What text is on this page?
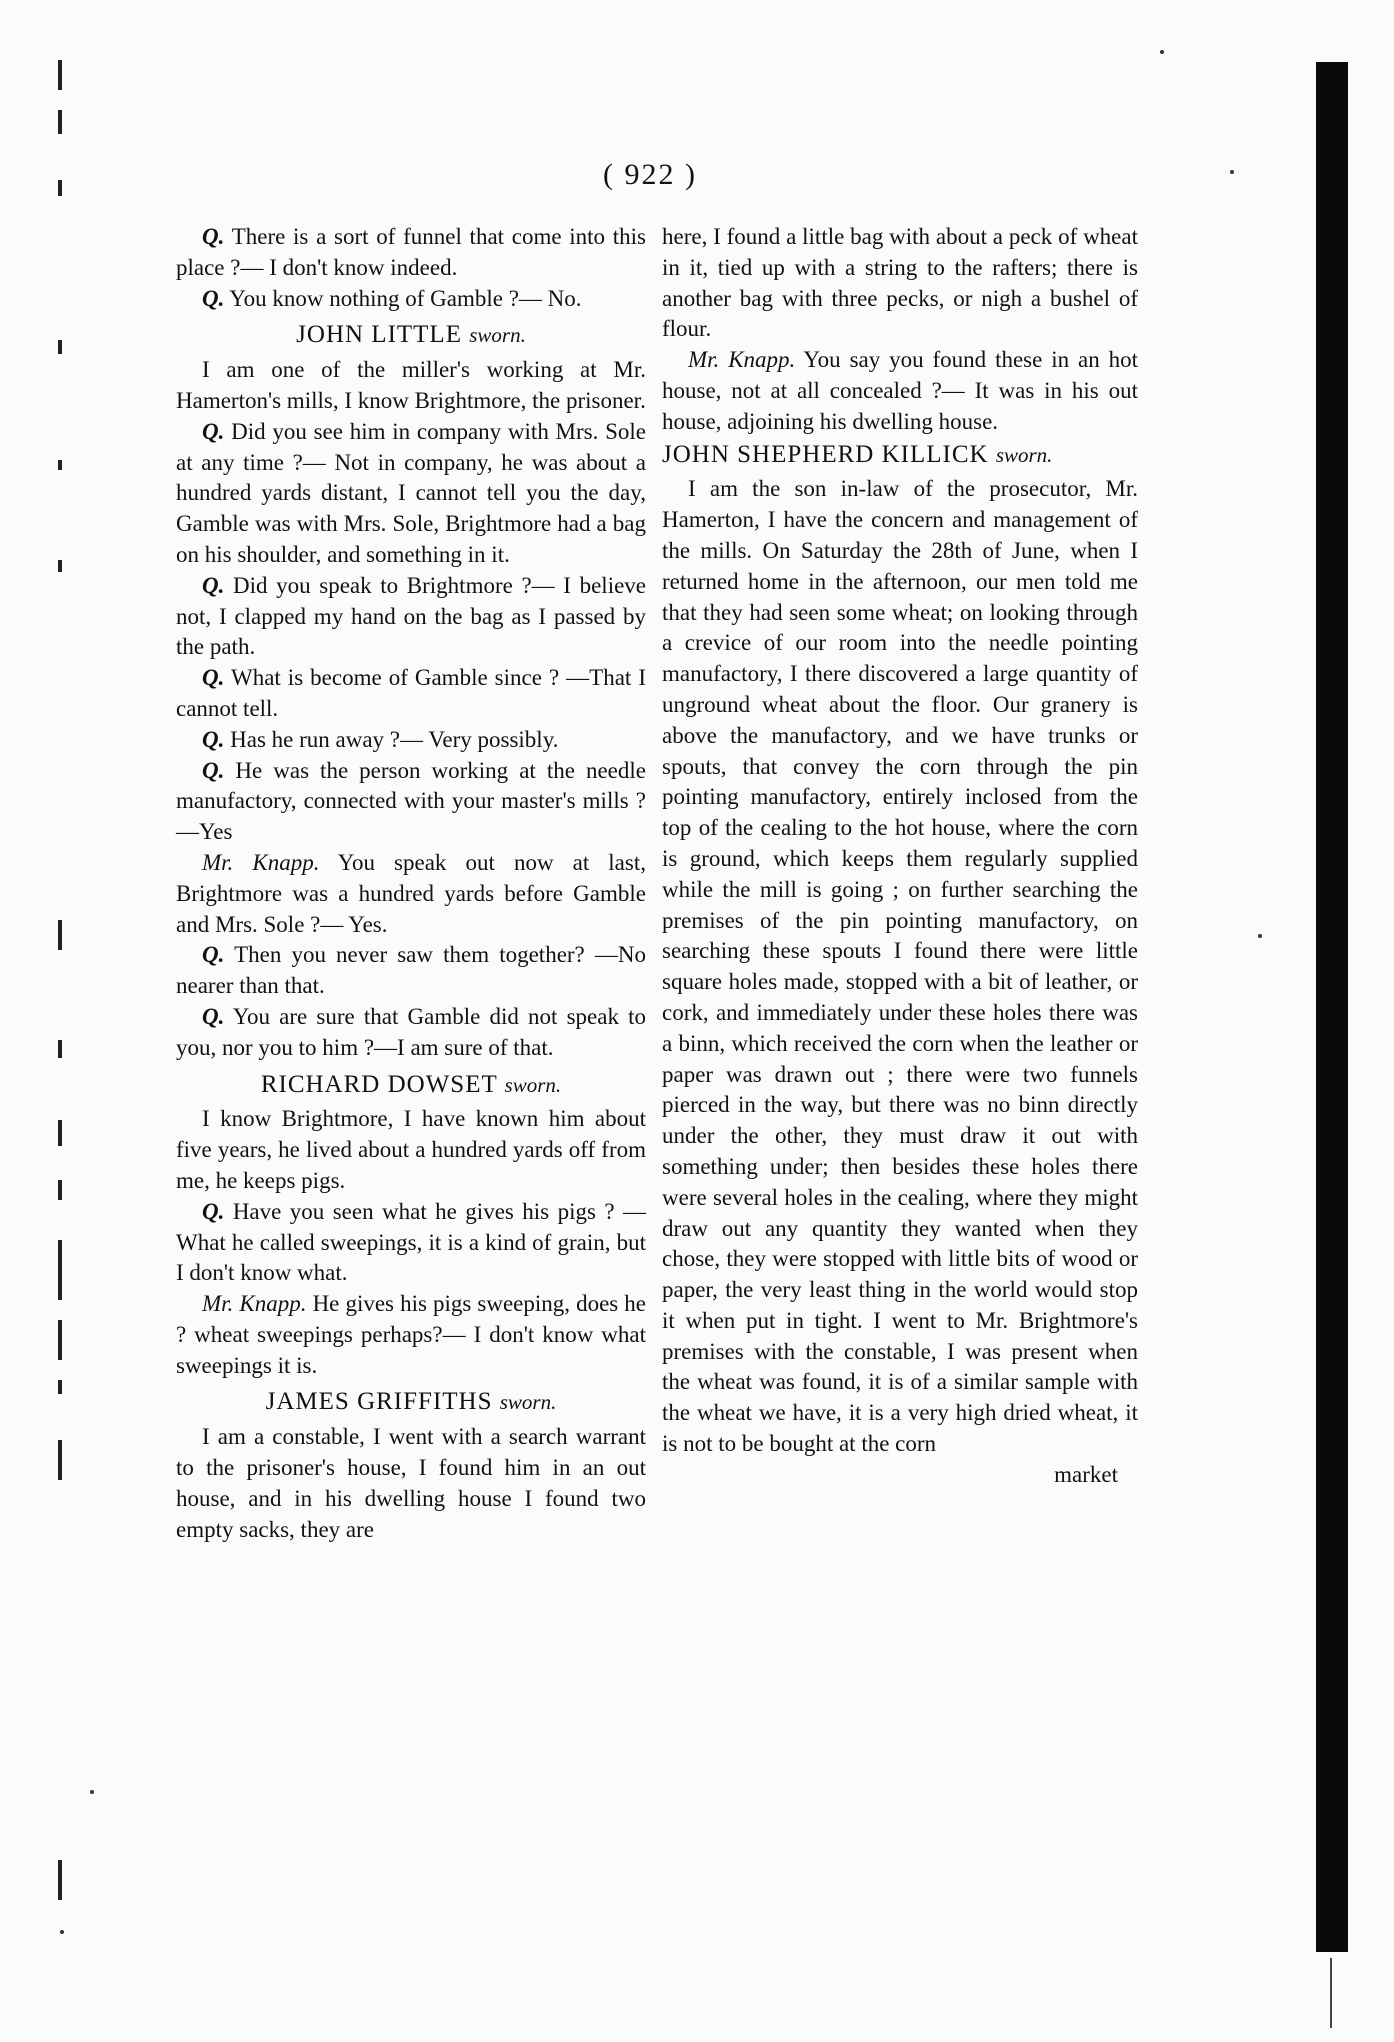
( 922 )

Q. There is a sort of funnel that come into this place ?— I don't know indeed.

Q. You know nothing of Gamble ?— No.

JOHN LITTLE sworn.

I am one of the miller's working at Mr. Hamerton's mills, I know Brightmore, the prisoner.

Q. Did you see him in company with Mrs. Sole at any time ?— Not in company, he was about a hundred yards distant, I cannot tell you the day, Gamble was with Mrs. Sole, Brightmore had a bag on his shoulder, and something in it.

Q. Did you speak to Brightmore ?— I believe not, I clapped my hand on the bag as I passed by the path.

Q. What is become of Gamble since ? —That I cannot tell.

Q. Has he run away ?— Very possibly.

Q. He was the person working at the needle manufactory, connected with your master's mills ?—Yes

Mr. Knapp. You speak out now at last, Brightmore was a hundred yards before Gamble and Mrs. Sole ?— Yes.

Q. Then you never saw them together? —No nearer than that.

Q. You are sure that Gamble did not speak to you, nor you to him ?—I am sure of that.

RICHARD DOWSET sworn.

I know Brightmore, I have known him about five years, he lived about a hundred yards off from me, he keeps pigs.

Q. Have you seen what he gives his pigs ? —What he called sweepings, it is a kind of grain, but I don't know what.

Mr. Knapp. He gives his pigs sweeping, does he ? wheat sweepings perhaps?— I don't know what sweepings it is.

JAMES GRIFFITHS sworn.

I am a constable, I went with a search warrant to the prisoner's house, I found him in an out house, and in his dwelling house I found two empty sacks, they are

here, I found a little bag with about a peck of wheat in it, tied up with a string to the rafters; there is another bag with three pecks, or nigh a bushel of flour.

Mr. Knapp. You say you found these in an hot house, not at all concealed ?— It was in his out house, adjoining his dwelling house.

JOHN SHEPHERD KILLICK sworn.

I am the son in-law of the prosecutor, Mr. Hamerton, I have the concern and management of the mills. On Saturday the 28th of June, when I returned home in the afternoon, our men told me that they had seen some wheat; on looking through a crevice of our room into the needle pointing manufactory, I there discovered a large quantity of unground wheat about the floor. Our granery is above the manufactory, and we have trunks or spouts, that convey the corn through the pin pointing manufactory, entirely inclosed from the top of the cealing to the hot house, where the corn is ground, which keeps them regularly supplied while the mill is going ; on further searching the premises of the pin pointing manufactory, on searching these spouts I found there were little square holes made, stopped with a bit of leather, or cork, and immediately under these holes there was a binn, which received the corn when the leather or paper was drawn out ; there were two funnels pierced in the way, but there was no binn directly under the other, they must draw it out with something under; then besides these holes there were several holes in the cealing, where they might draw out any quantity they wanted when they chose, they were stopped with little bits of wood or paper, the very least thing in the world would stop it when put in tight. I went to Mr. Brightmore's premises with the constable, I was present when the wheat was found, it is of a similar sample with the wheat we have, it is a very high dried wheat, it is not to be bought at the corn

market
